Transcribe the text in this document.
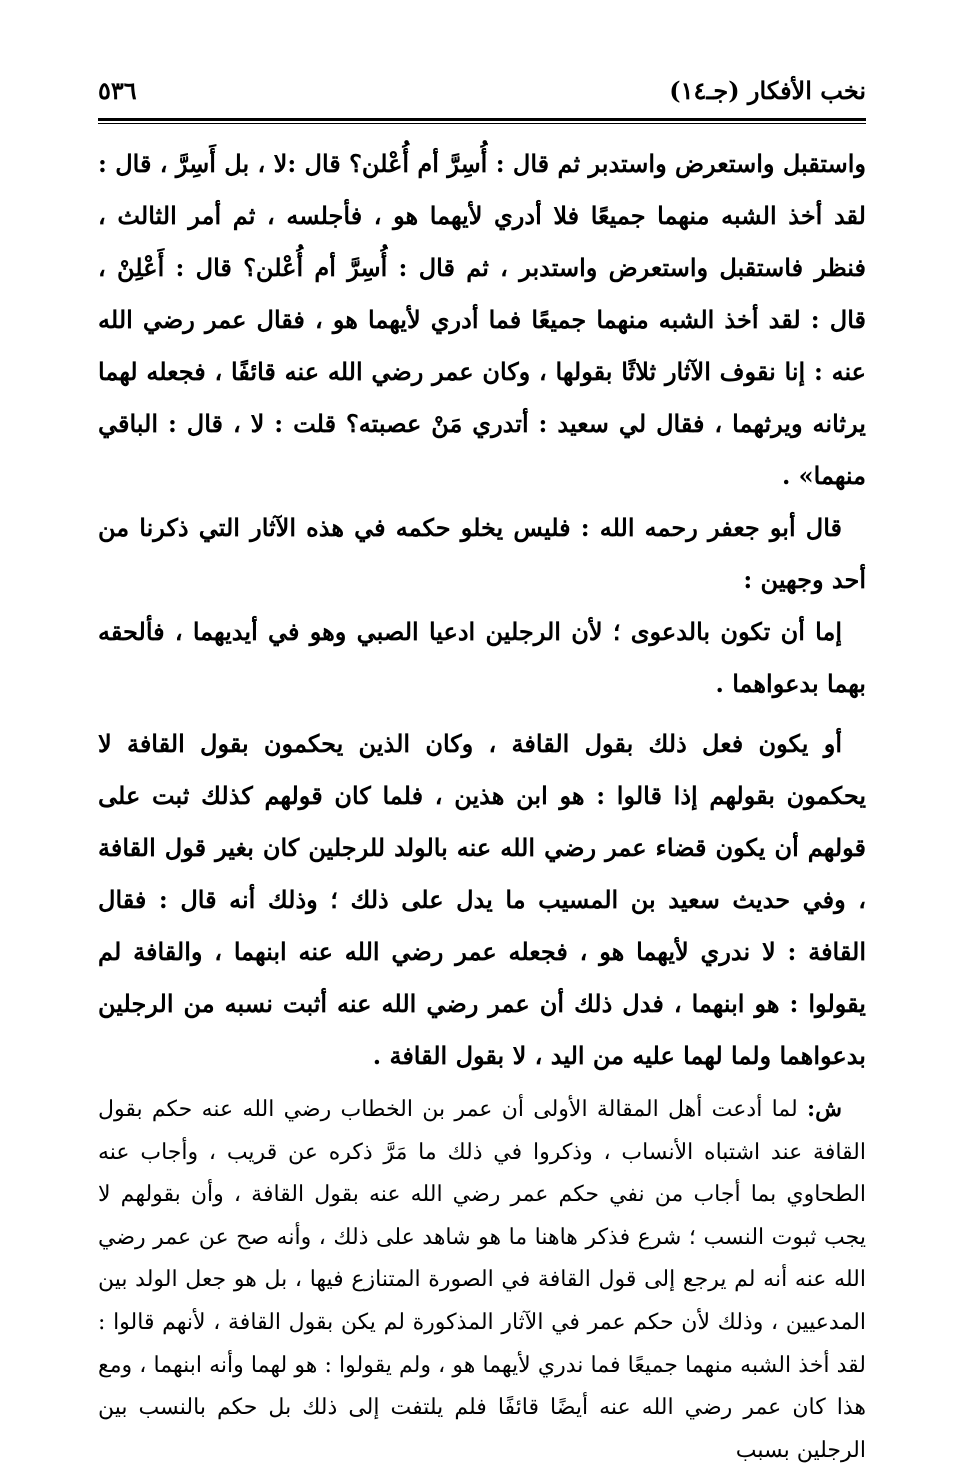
نخب الأفكار (جـ١٤)
٥٣٦

واستقبل واستعرض واستدبر ثم قال : أُسِرَّ أم أُعْلن؟ قال :لا ، بل أَسِرَّ ، قال : لقد أخذ الشبه منهما جميعًا فلا أدري لأيهما هو ، فأجلسه ، ثم أمر الثالث ، فنظر فاستقبل واستعرض واستدبر ، ثم قال : أُسِرَّ أم أُعْلن؟ قال : أَعْلِنْ ، قال : لقد أخذ الشبه منهما جميعًا فما أدري لأيهما هو ، فقال عمر رضي الله عنه : إنا نقوف الآثار ثلاثًا بقولها ، وكان عمر رضي الله عنه قائفًا ، فجعله لهما يرثانه ويرثهما ، فقال لي سعيد : أتدري مَنْ عصبته؟ قلت : لا ، قال : الباقي منهما» .

قال أبو جعفر رحمه الله : فليس يخلو حكمه في هذه الآثار التي ذكرنا من أحد وجهين :

إما أن تكون بالدعوى ؛ لأن الرجلين ادعيا الصبي وهو في أيديهما ، فألحقه بهما بدعواهما .

أو يكون فعل ذلك بقول القافة ، وكان الذين يحكمون بقول القافة لا يحكمون بقولهم إذا قالوا : هو ابن هذين ، فلما كان قولهم كذلك ثبت على قولهم أن يكون قضاء عمر رضي الله عنه بالولد للرجلين كان بغير قول القافة ، وفي حديث سعيد بن المسيب ما يدل على ذلك ؛ وذلك أنه قال : فقال القافة : لا ندري لأيهما هو ، فجعله عمر رضي الله عنه ابنهما ، والقافة لم يقولوا : هو ابنهما ، فدل ذلك أن عمر رضي الله عنه أثبت نسبه من الرجلين بدعواهما ولما لهما عليه من اليد ، لا بقول القافة .

ش: لما أدعت أهل المقالة الأولى أن عمر بن الخطاب رضي الله عنه حكم بقول القافة عند اشتباه الأنساب ، وذكروا في ذلك ما مَرَّ ذكره عن قريب ، وأجاب عنه الطحاوي بما أجاب من نفي حكم عمر رضي الله عنه بقول القافة ، وأن بقولهم لا يجب ثبوت النسب ؛ شرع فذكر هاهنا ما هو شاهد على ذلك ، وأنه صح عن عمر رضي الله عنه أنه لم يرجع إلى قول القافة في الصورة المتنازع فيها ، بل هو جعل الولد بين المدعيين ، وذلك لأن حكم عمر في الآثار المذكورة لم يكن بقول القافة ، لأنهم قالوا : لقد أخذ الشبه منهما جميعًا فما ندري لأيهما هو ، ولم يقولوا : هو لهما وأنه ابنهما ، ومع هذا كان عمر رضي الله عنه أيضًا قائفًا فلم يلتفت إلى ذلك بل حكم بالنسب بين الرجلين بسبب
